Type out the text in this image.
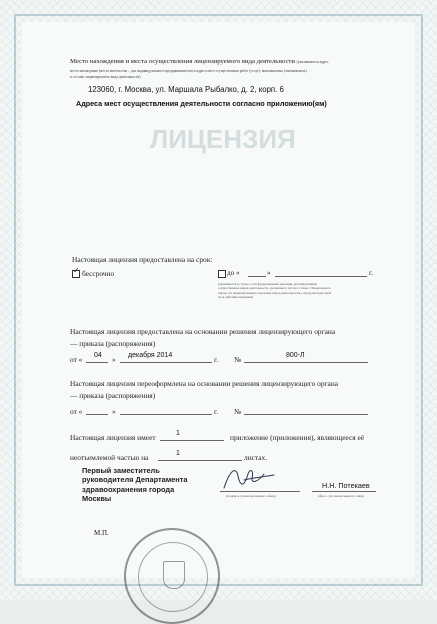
ЛИЦЕНЗИЯ
Место нахождения и места осуществления лицензируемого вида деятельности (указываются адрес
места нахождения (места жительства – для индивидуального предпринимателя) и адреса мест осуществления работ (услуг), выполняемых (оказываемых)
в составе лицензируемого вида деятельности)
123060, г. Москва, ул. Маршала Рыбалко, д. 2, корп. 6
Адреса мест осуществления деятельности согласно приложению(ям)
Настоящая лицензия предоставлена на срок:
✓ бессрочно	до «	»	г.
(указывается в случае, если федеральными законами, регулирующими осуществление видов деятельности, указанных в части 4 статьи 1 Федерального закона «О лицензировании отдельных видов деятельности», предусмотрен иной срок действия лицензии)
Настоящая лицензия предоставлена на основании решения лицензирующего органа
— приказа (распоряжения)
от « 04 » декабря 2014	г. №	800-Л
Настоящая лицензия переоформлена на основании решения лицензирующего органа
— приказа (распоряжения)
от «	»	г. №
Настоящая лицензия имеет	1	приложение (приложения), являющееся её
неотъемлемой частью на	1	листах.
Первый заместитель
руководителя Департамента
здравоохранения города
Москвы	(подпись уполномоченного лица)
Н.Н. Потекаев
(ф.и.о. уполномоченного лица)
М.П.
